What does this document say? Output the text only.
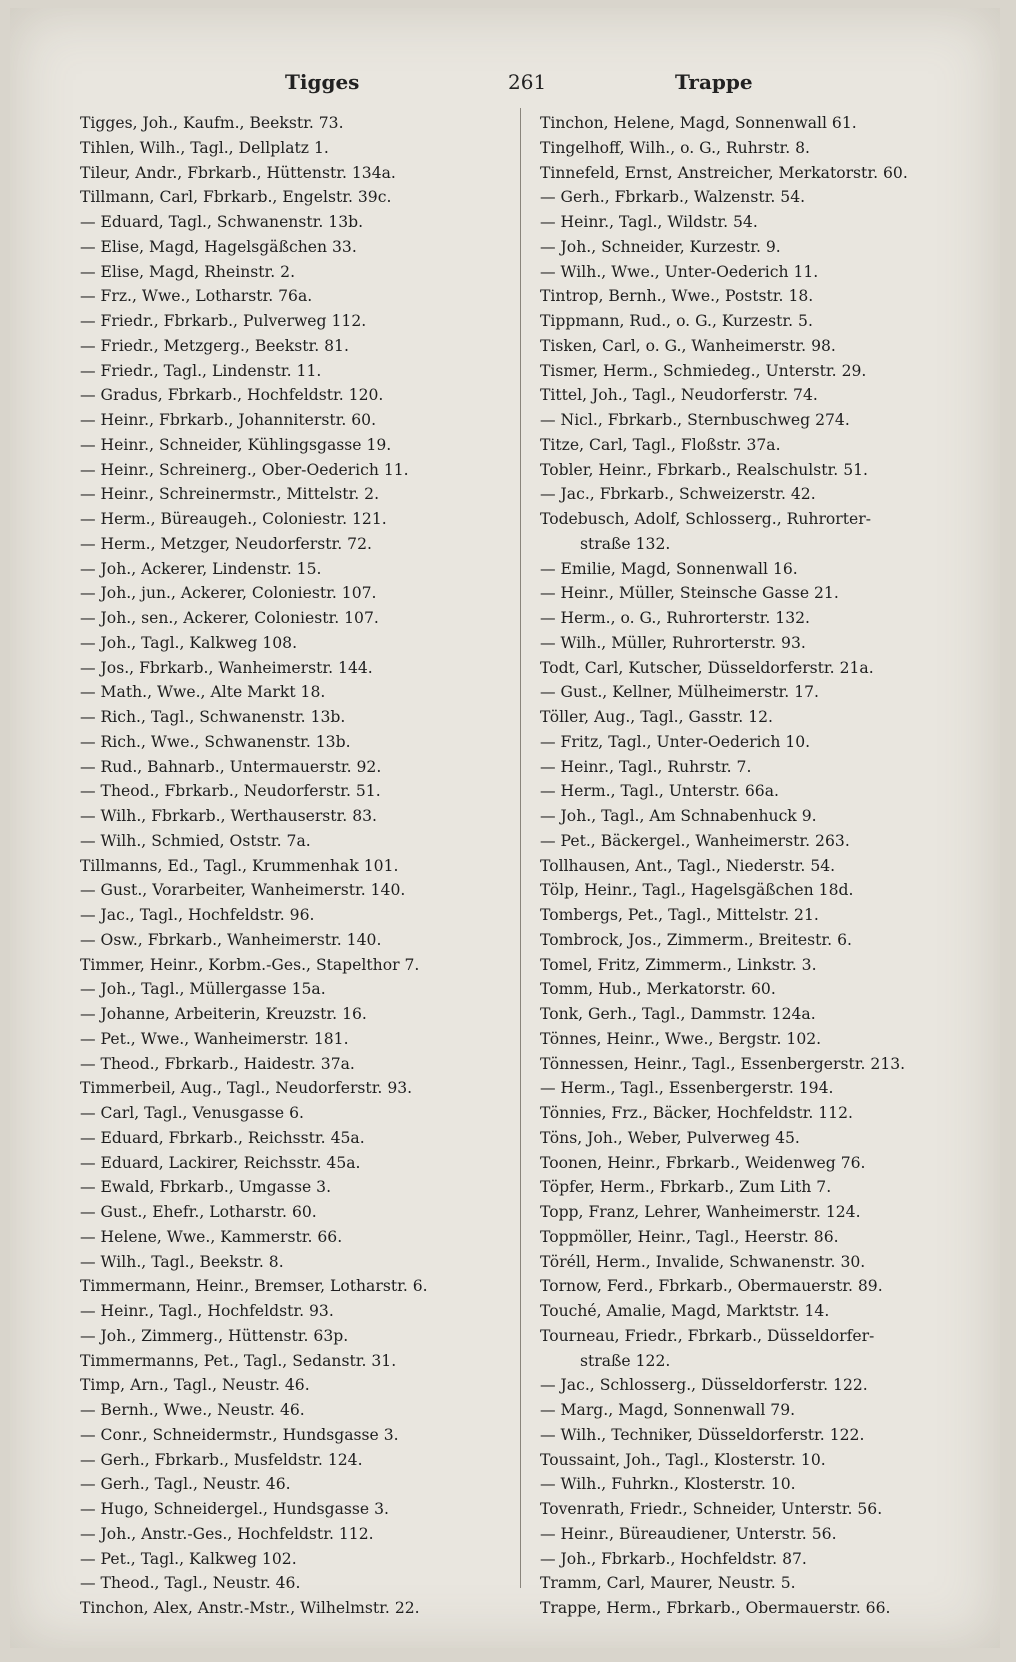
Tigges	261	Trappe
Tigges, Joh., Kaufm., Beekstr. 73.
Tihlen, Wilh., Tagl., Dellplatz 1.
Tileur, Andr., Fbrkarb., Hüttenstr. 134a.
Tillmann, Carl, Fbrkarb., Engelstr. 39c.
— Eduard, Tagl., Schwanenstr. 13b.
— Elise, Magd, Hagelsgäßchen 33.
— Elise, Magd, Rheinstr. 2.
— Frz., Wwe., Lotharstr. 76a.
— Friedr., Fbrkarb., Pulverweg 112.
— Friedr., Metzgerg., Beekstr. 81.
— Friedr., Tagl., Lindenstr. 11.
— Gradus, Fbrkarb., Hochfeldstr. 120.
— Heinr., Fbrkarb., Johanniterstr. 60.
— Heinr., Schneider, Kühlingsgasse 19.
— Heinr., Schreinerg., Ober-Oederich 11.
— Heinr., Schreinermstr., Mittelstr. 2.
— Herm., Büreaugeh., Coloniestr. 121.
— Herm., Metzger, Neudorferstr. 72.
— Joh., Ackerer, Lindenstr. 15.
— Joh., jun., Ackerer, Coloniestr. 107.
— Joh., sen., Ackerer, Coloniestr. 107.
— Joh., Tagl., Kalkweg 108.
— Jos., Fbrkarb., Wanheimerstr. 144.
— Math., Wwe., Alte Markt 18.
— Rich., Tagl., Schwanenstr. 13b.
— Rich., Wwe., Schwanenstr. 13b.
— Rud., Bahnarb., Untermauerstr. 92.
— Theod., Fbrkarb., Neudorferstr. 51.
— Wilh., Fbrkarb., Werthauserstr. 83.
— Wilh., Schmied, Oststr. 7a.
Tillmanns, Ed., Tagl., Krummenhak 101.
— Gust., Vorarbeiter, Wanheimerstr. 140.
— Jac., Tagl., Hochfeldstr. 96.
— Osw., Fbrkarb., Wanheimerstr. 140.
Timmer, Heinr., Korbm.-Ges., Stapelthor 7.
— Joh., Tagl., Müllergasse 15a.
— Johanne, Arbeiterin, Kreuzstr. 16.
— Pet., Wwe., Wanheimerstr. 181.
— Theod., Fbrkarb., Haidestr. 37a.
Timmerbeil, Aug., Tagl., Neudorferstr. 93.
— Carl, Tagl., Venusgasse 6.
— Eduard, Fbrkarb., Reichsstr. 45a.
— Eduard, Lackirer, Reichsstr. 45a.
— Ewald, Fbrkarb., Umgasse 3.
— Gust., Ehefr., Lotharstr. 60.
— Helene, Wwe., Kammerstr. 66.
— Wilh., Tagl., Beekstr. 8.
Timmermann, Heinr., Bremser, Lotharstr. 6.
— Heinr., Tagl., Hochfeldstr. 93.
— Joh., Zimmerg., Hüttenstr. 63p.
Timmermanns, Pet., Tagl., Sedanstr. 31.
Timp, Arn., Tagl., Neustr. 46.
— Bernh., Wwe., Neustr. 46.
— Conr., Schneidermstr., Hundsgasse 3.
— Gerh., Fbrkarb., Musfeldstr. 124.
— Gerh., Tagl., Neustr. 46.
— Hugo, Schneidergel., Hundsgasse 3.
— Joh., Anstr.-Ges., Hochfeldstr. 112.
— Pet., Tagl., Kalkweg 102.
— Theod., Tagl., Neustr. 46.
Tinchon, Alex, Anstr.-Mstr., Wilhelmstr. 22.
Tinchon, Helene, Magd, Sonnenwall 61.
Tingelhoff, Wilh., o. G., Ruhrstr. 8.
Tinnefeld, Ernst, Anstreicher, Merkatorstr. 60.
— Gerh., Fbrkarb., Walzenstr. 54.
— Heinr., Tagl., Wildstr. 54.
— Joh., Schneider, Kurzestr. 9.
— Wilh., Wwe., Unter-Oederich 11.
Tintrop, Bernh., Wwe., Poststr. 18.
Tippmann, Rud., o. G., Kurzestr. 5.
Tisken, Carl, o. G., Wanheimerstr. 98.
Tismer, Herm., Schmiedeg., Unterstr. 29.
Tittel, Joh., Tagl., Neudorferstr. 74.
— Nicl., Fbrkarb., Sternbuschweg 274.
Titze, Carl, Tagl., Floßstr. 37a.
Tobler, Heinr., Fbrkarb., Realschulstr. 51.
— Jac., Fbrkarb., Schweizerstr. 42.
Todebusch, Adolf, Schlosserg., Ruhrorter-
straße 132.
— Emilie, Magd, Sonnenwall 16.
— Heinr., Müller, Steinsche Gasse 21.
— Herm., o. G., Ruhrorterstr. 132.
— Wilh., Müller, Ruhrorterstr. 93.
Todt, Carl, Kutscher, Düsseldorferstr. 21a.
— Gust., Kellner, Mülheimerstr. 17.
Töller, Aug., Tagl., Gasstr. 12.
— Fritz, Tagl., Unter-Oederich 10.
— Heinr., Tagl., Ruhrstr. 7.
— Herm., Tagl., Unterstr. 66a.
— Joh., Tagl., Am Schnabenhuck 9.
— Pet., Bäckergel., Wanheimerstr. 263.
Tollhausen, Ant., Tagl., Niederstr. 54.
Tölp, Heinr., Tagl., Hagelsgäßchen 18d.
Tombergs, Pet., Tagl., Mittelstr. 21.
Tombrock, Jos., Zimmerm., Breitestr. 6.
Tomel, Fritz, Zimmerm., Linkstr. 3.
Tomm, Hub., Merkatorstr. 60.
Tonk, Gerh., Tagl., Dammstr. 124a.
Tönnes, Heinr., Wwe., Bergstr. 102.
Tönnessen, Heinr., Tagl., Essenbergerstr. 213.
— Herm., Tagl., Essenbergerstr. 194.
Tönnies, Frz., Bäcker, Hochfeldstr. 112.
Töns, Joh., Weber, Pulverweg 45.
Toonen, Heinr., Fbrkarb., Weidenweg 76.
Töpfer, Herm., Fbrkarb., Zum Lith 7.
Topp, Franz, Lehrer, Wanheimerstr. 124.
Toppmöller, Heinr., Tagl., Heerstr. 86.
Töréll, Herm., Invalide, Schwanenstr. 30.
Tornow, Ferd., Fbrkarb., Obermauerstr. 89.
Touché, Amalie, Magd, Marktstr. 14.
Tourneau, Friedr., Fbrkarb., Düsseldorfer-
straße 122.
— Jac., Schlosserg., Düsseldorferstr. 122.
— Marg., Magd, Sonnenwall 79.
— Wilh., Techniker, Düsseldorferstr. 122.
Toussaint, Joh., Tagl., Klosterstr. 10.
— Wilh., Fuhrkn., Klosterstr. 10.
Tovenrath, Friedr., Schneider, Unterstr. 56.
— Heinr., Büreaudiener, Unterstr. 56.
— Joh., Fbrkarb., Hochfeldstr. 87.
Tramm, Carl, Maurer, Neustr. 5.
Trappe, Herm., Fbrkarb., Obermauerstr. 66.
